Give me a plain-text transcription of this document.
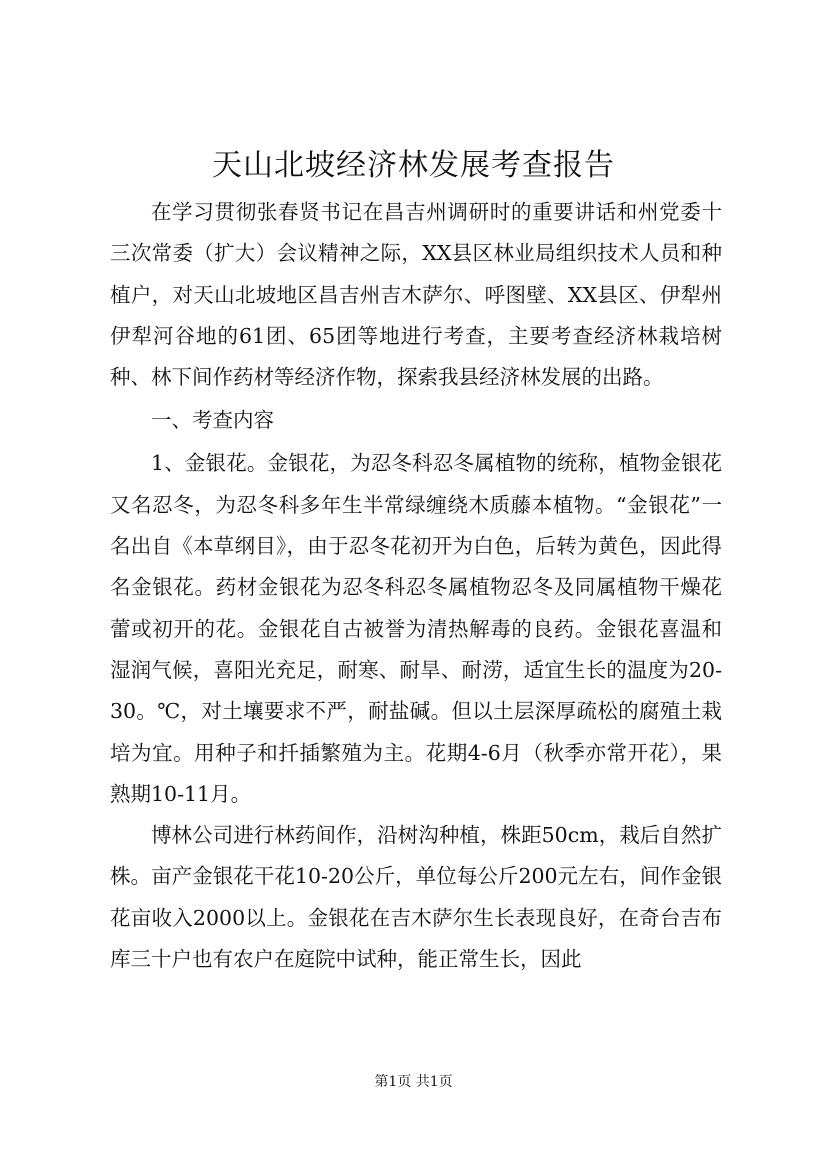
天山北坡经济林发展考查报告

在学习贯彻张春贤书记在昌吉州调研时的重要讲话和州党委十三次常委（扩大）会议精神之际，XX县区林业局组织技术人员和种植户，对天山北坡地区昌吉州吉木萨尔、呼图壁、XX县区、伊犁州伊犁河谷地的61团、65团等地进行考查，主要考查经济林栽培树种、林下间作药材等经济作物，探索我县经济林发展的出路。

一、考查内容

1、金银花。金银花，为忍冬科忍冬属植物的统称，植物金银花又名忍冬，为忍冬科多年生半常绿缠绕木质藤本植物。“金银花”一名出自《本草纲目》，由于忍冬花初开为白色，后转为黄色，因此得名金银花。药材金银花为忍冬科忍冬属植物忍冬及同属植物干燥花蕾或初开的花。金银花自古被誉为清热解毒的良药。金银花喜温和湿润气候，喜阳光充足，耐寒、耐旱、耐涝，适宜生长的温度为20-30。℃，对土壤要求不严，耐盐碱。但以土层深厚疏松的腐殖土栽培为宜。用种子和扦插繁殖为主。花期4-6月（秋季亦常开花），果熟期10-11月。

博林公司进行林药间作，沿树沟种植，株距50cm，栽后自然扩株。亩产金银花干花10-20公斤，单位每公斤200元左右，间作金银花亩收入2000以上。金银花在吉木萨尔生长表现良好，在奇台吉布库三十户也有农户在庭院中试种，能正常生长，因此

第1页 共1页
